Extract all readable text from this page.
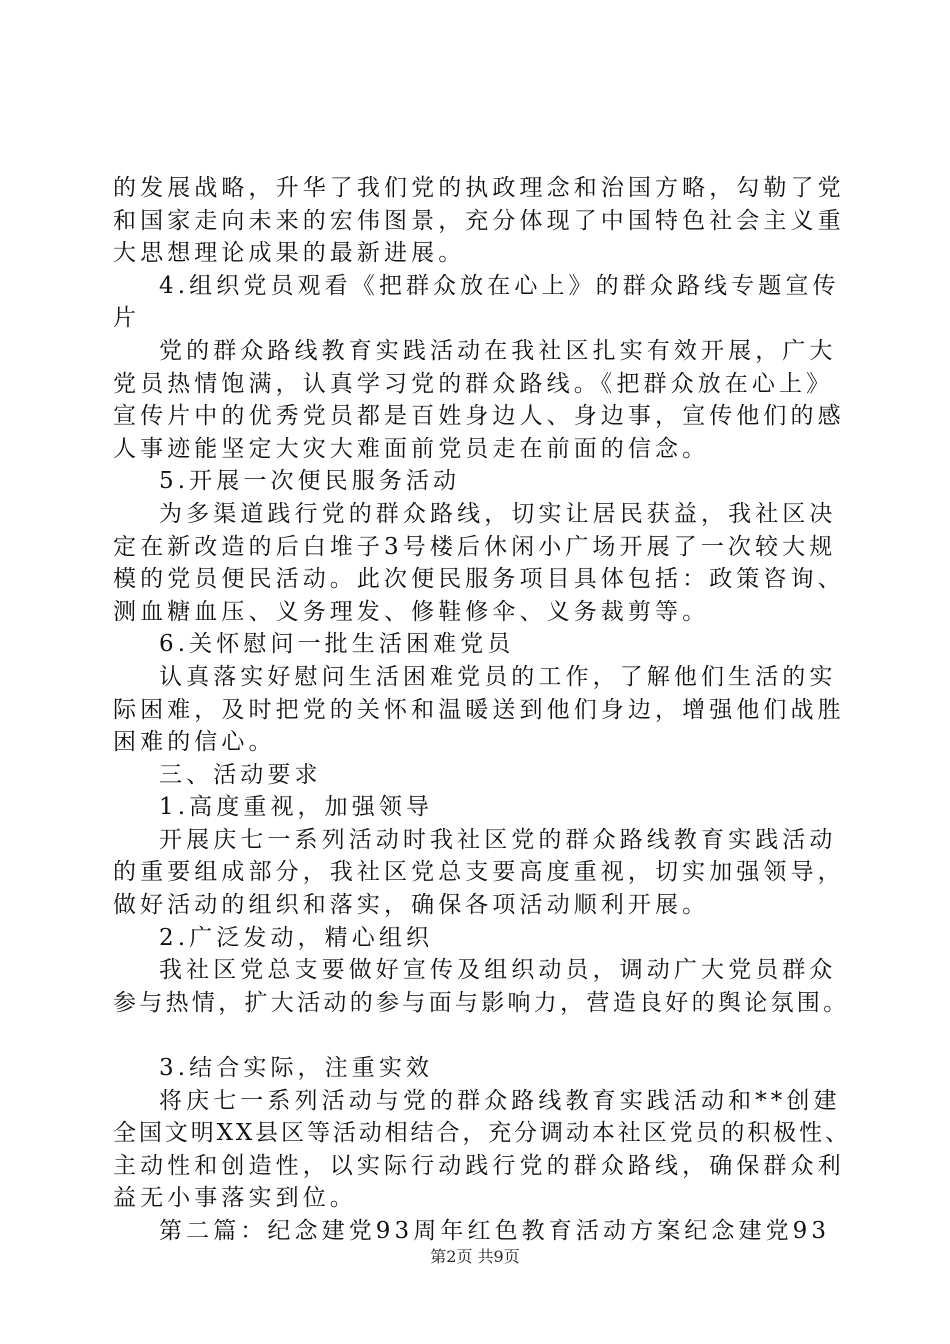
的发展战略，升华了我们党的执政理念和治国方略，勾勒了党
和国家走向未来的宏伟图景，充分体现了中国特色社会主义重
大思想理论成果的最新进展。
4.组织党员观看《把群众放在心上》的群众路线专题宣传
片
党的群众路线教育实践活动在我社区扎实有效开展，广大
党员热情饱满，认真学习党的群众路线。《把群众放在心上》
宣传片中的优秀党员都是百姓身边人、身边事，宣传他们的感
人事迹能坚定大灾大难面前党员走在前面的信念。
5.开展一次便民服务活动
为多渠道践行党的群众路线，切实让居民获益，我社区决
定在新改造的后白堆子3号楼后休闲小广场开展了一次较大规
模的党员便民活动。此次便民服务项目具体包括：政策咨询、
测血糖血压、义务理发、修鞋修伞、义务裁剪等。
6.关怀慰问一批生活困难党员
认真落实好慰问生活困难党员的工作，了解他们生活的实
际困难，及时把党的关怀和温暖送到他们身边，增强他们战胜
困难的信心。
三、活动要求
1.高度重视，加强领导
开展庆七一系列活动时我社区党的群众路线教育实践活动
的重要组成部分，我社区党总支要高度重视，切实加强领导，
做好活动的组织和落实，确保各项活动顺利开展。
2.广泛发动，精心组织
我社区党总支要做好宣传及组织动员，调动广大党员群众
参与热情，扩大活动的参与面与影响力，营造良好的舆论氛围。
3.结合实际，注重实效
将庆七一系列活动与党的群众路线教育实践活动和**创建
全国文明XX县区等活动相结合，充分调动本社区党员的积极性、
主动性和创造性，以实际行动践行党的群众路线，确保群众利
益无小事落实到位。
第二篇：纪念建党93周年红色教育活动方案纪念建党93
第2页 共9页
